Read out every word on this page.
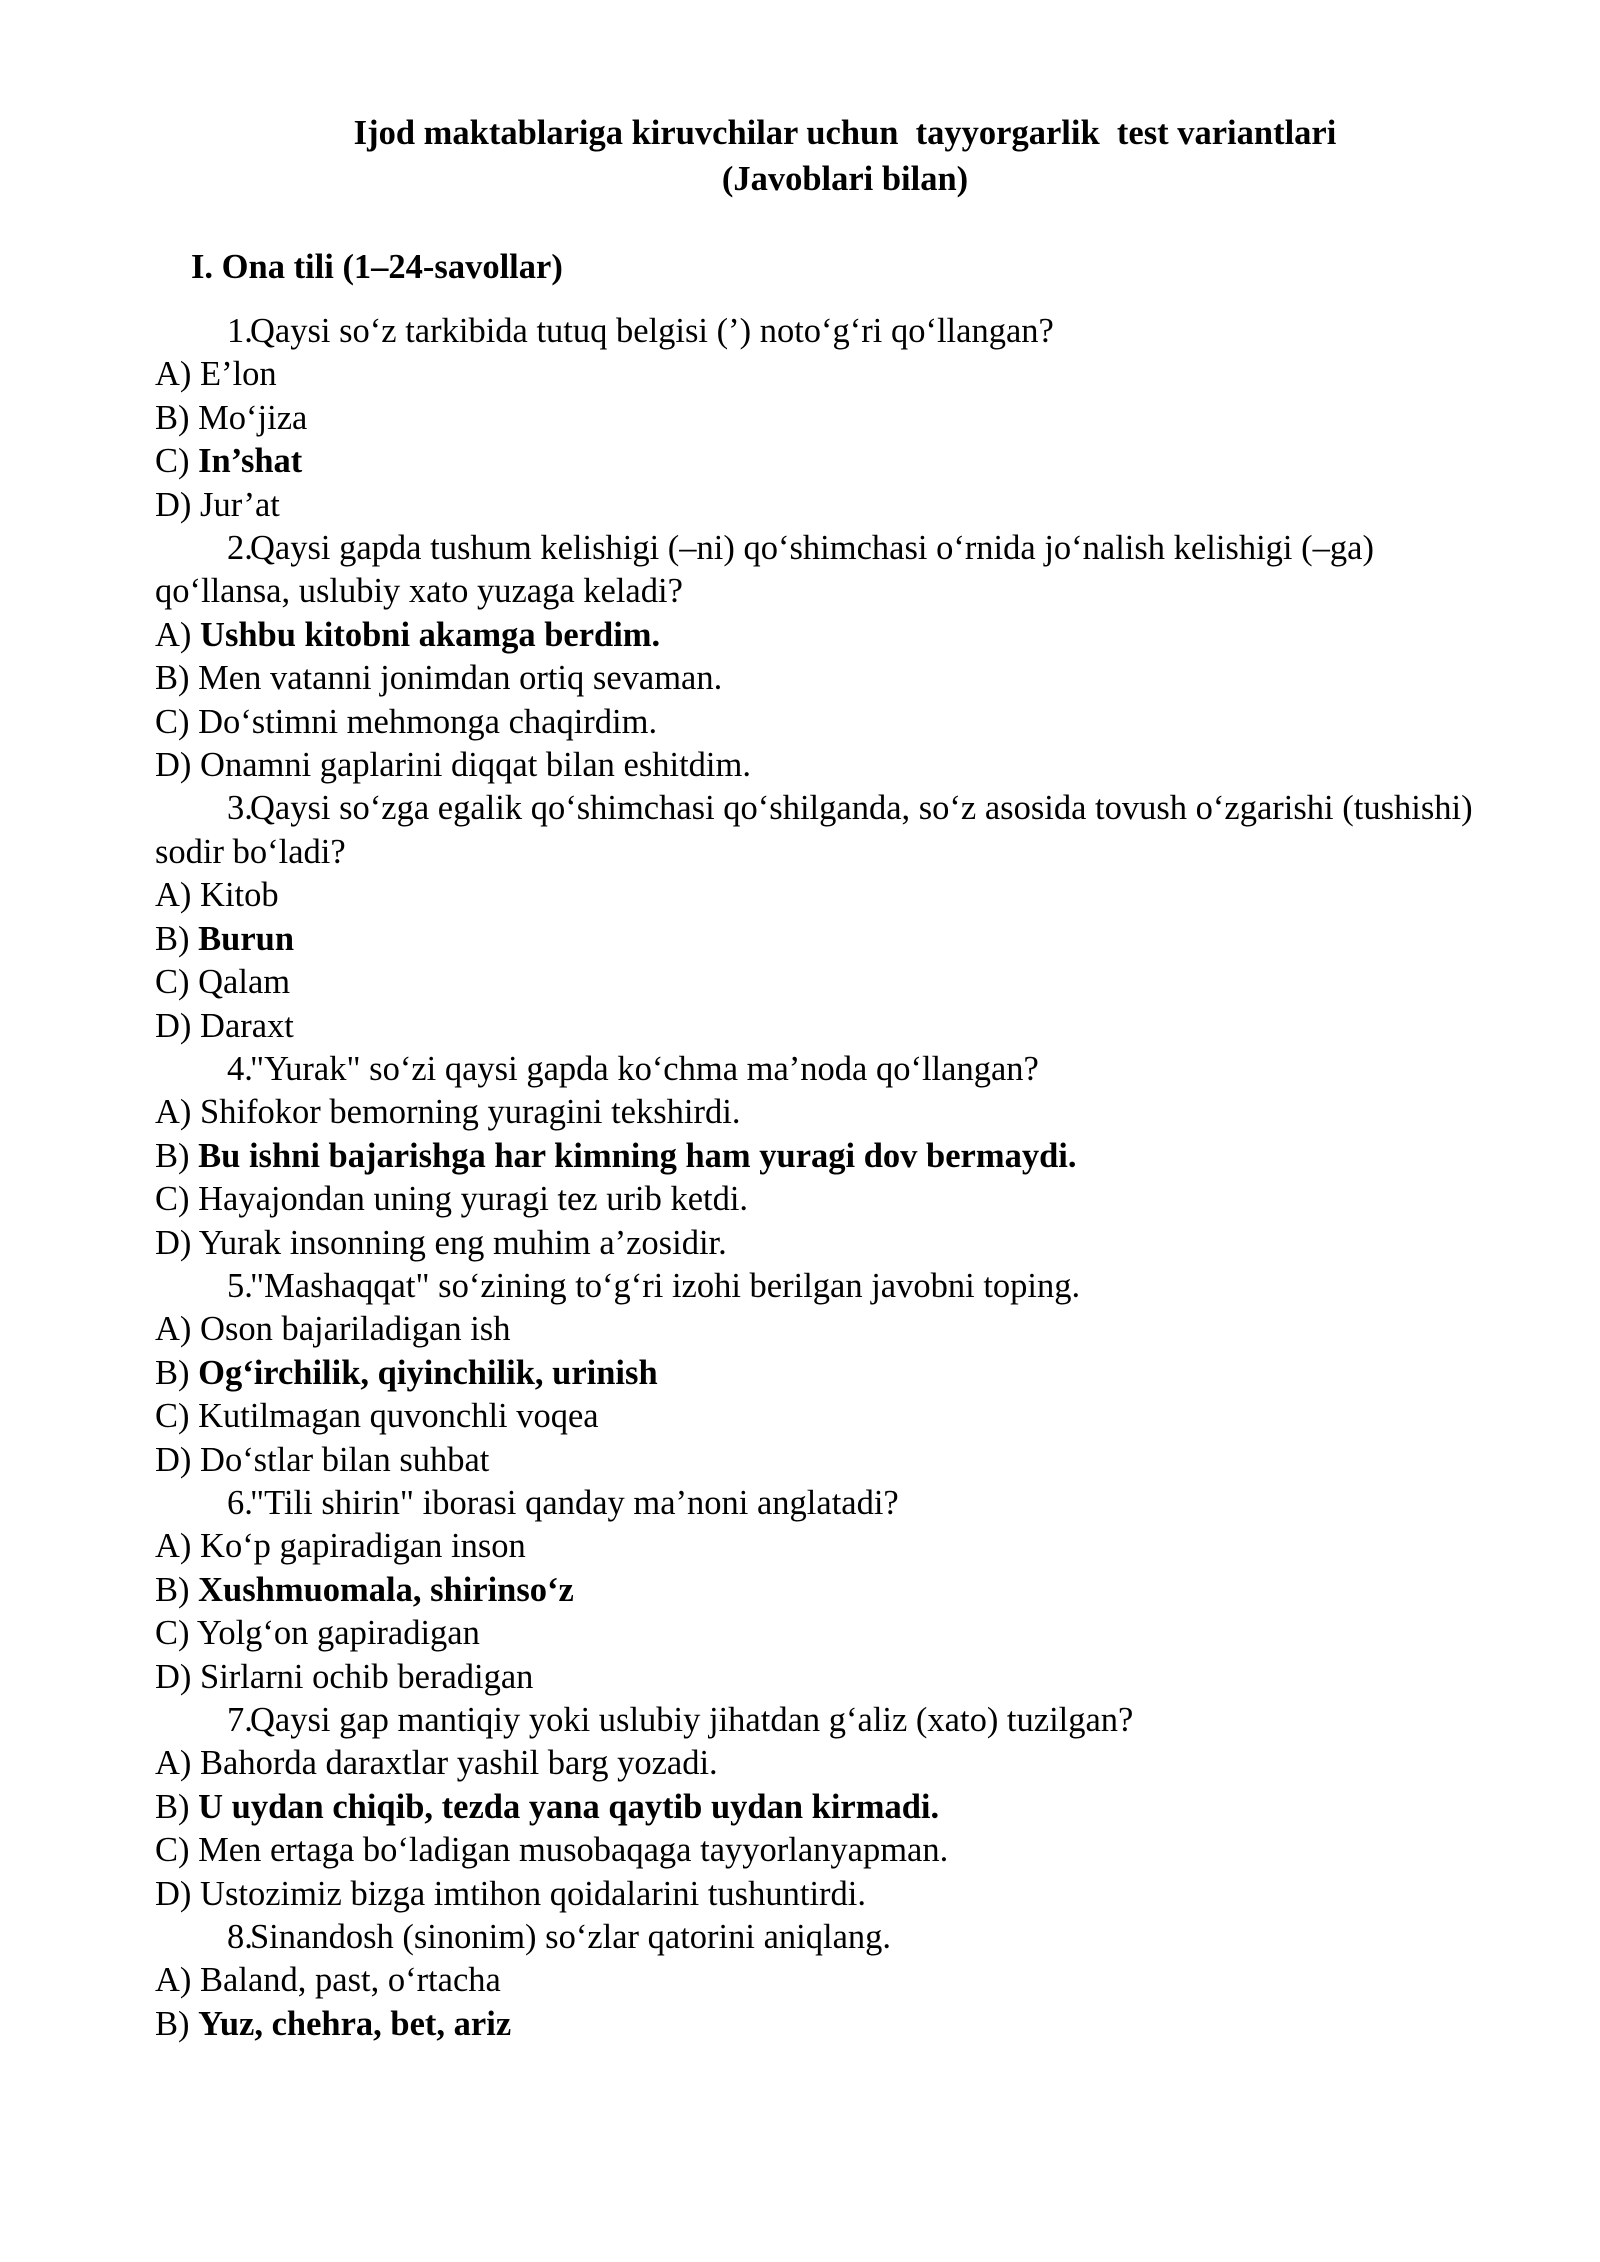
Ijod maktablariga kiruvchilar uchun  tayyorgarlik  test variantlari
(Javoblari bilan)
I. Ona tili (1–24-savollar)

1.Qaysi so‘z tarkibida tutuq belgisi (’) noto‘g‘ri qo‘llangan?

A) E’lon
B) Mo‘jiza
C) In’shat
D) Jur’at

2.Qaysi gapda tushum kelishigi (–ni) qo‘shimchasi o‘rnida jo‘nalish kelishigi (–ga) qo‘llansa, uslubiy xato yuzaga keladi?

A) Ushbu kitobni akamga berdim.
B) Men vatanni jonimdan ortiq sevaman.
C) Do‘stimni mehmonga chaqirdim.
D) Onamni gaplarini diqqat bilan eshitdim.

3.Qaysi so‘zga egalik qo‘shimchasi qo‘shilganda, so‘z asosida tovush o‘zgarishi (tushishi) sodir bo‘ladi?

A) Kitob
B) Burun
C) Qalam
D) Daraxt

4."Yurak" so‘zi qaysi gapda ko‘chma ma’noda qo‘llangan?

A) Shifokor bemorning yuragini tekshirdi.
B) Bu ishni bajarishga har kimning ham yuragi dov bermaydi.
C) Hayajondan uning yuragi tez urib ketdi.
D) Yurak insonning eng muhim a’zosidir.

5."Mashaqqat" so‘zining to‘g‘ri izohi berilgan javobni toping.

A) Oson bajariladigan ish
B) Og‘irchilik, qiyinchilik, urinish
C) Kutilmagan quvonchli voqea
D) Do‘stlar bilan suhbat

6."Tili shirin" iborasi qanday ma’noni anglatadi?

A) Ko‘p gapiradigan inson
B) Xushmuomala, shirinso‘z
C) Yolg‘on gapiradigan
D) Sirlarni ochib beradigan

7.Qaysi gap mantiqiy yoki uslubiy jihatdan g‘aliz (xato) tuzilgan?

A) Bahorda daraxtlar yashil barg yozadi.
B) U uydan chiqib, tezda yana qaytib uydan kirmadi.
C) Men ertaga bo‘ladigan musobaqaga tayyorlanyapman.
D) Ustozimiz bizga imtihon qoidalarini tushuntirdi.

8.Sinandosh (sinonim) so‘zlar qatorini aniqlang.

A) Baland, past, o‘rtacha
B) Yuz, chehra, bet, ariz
